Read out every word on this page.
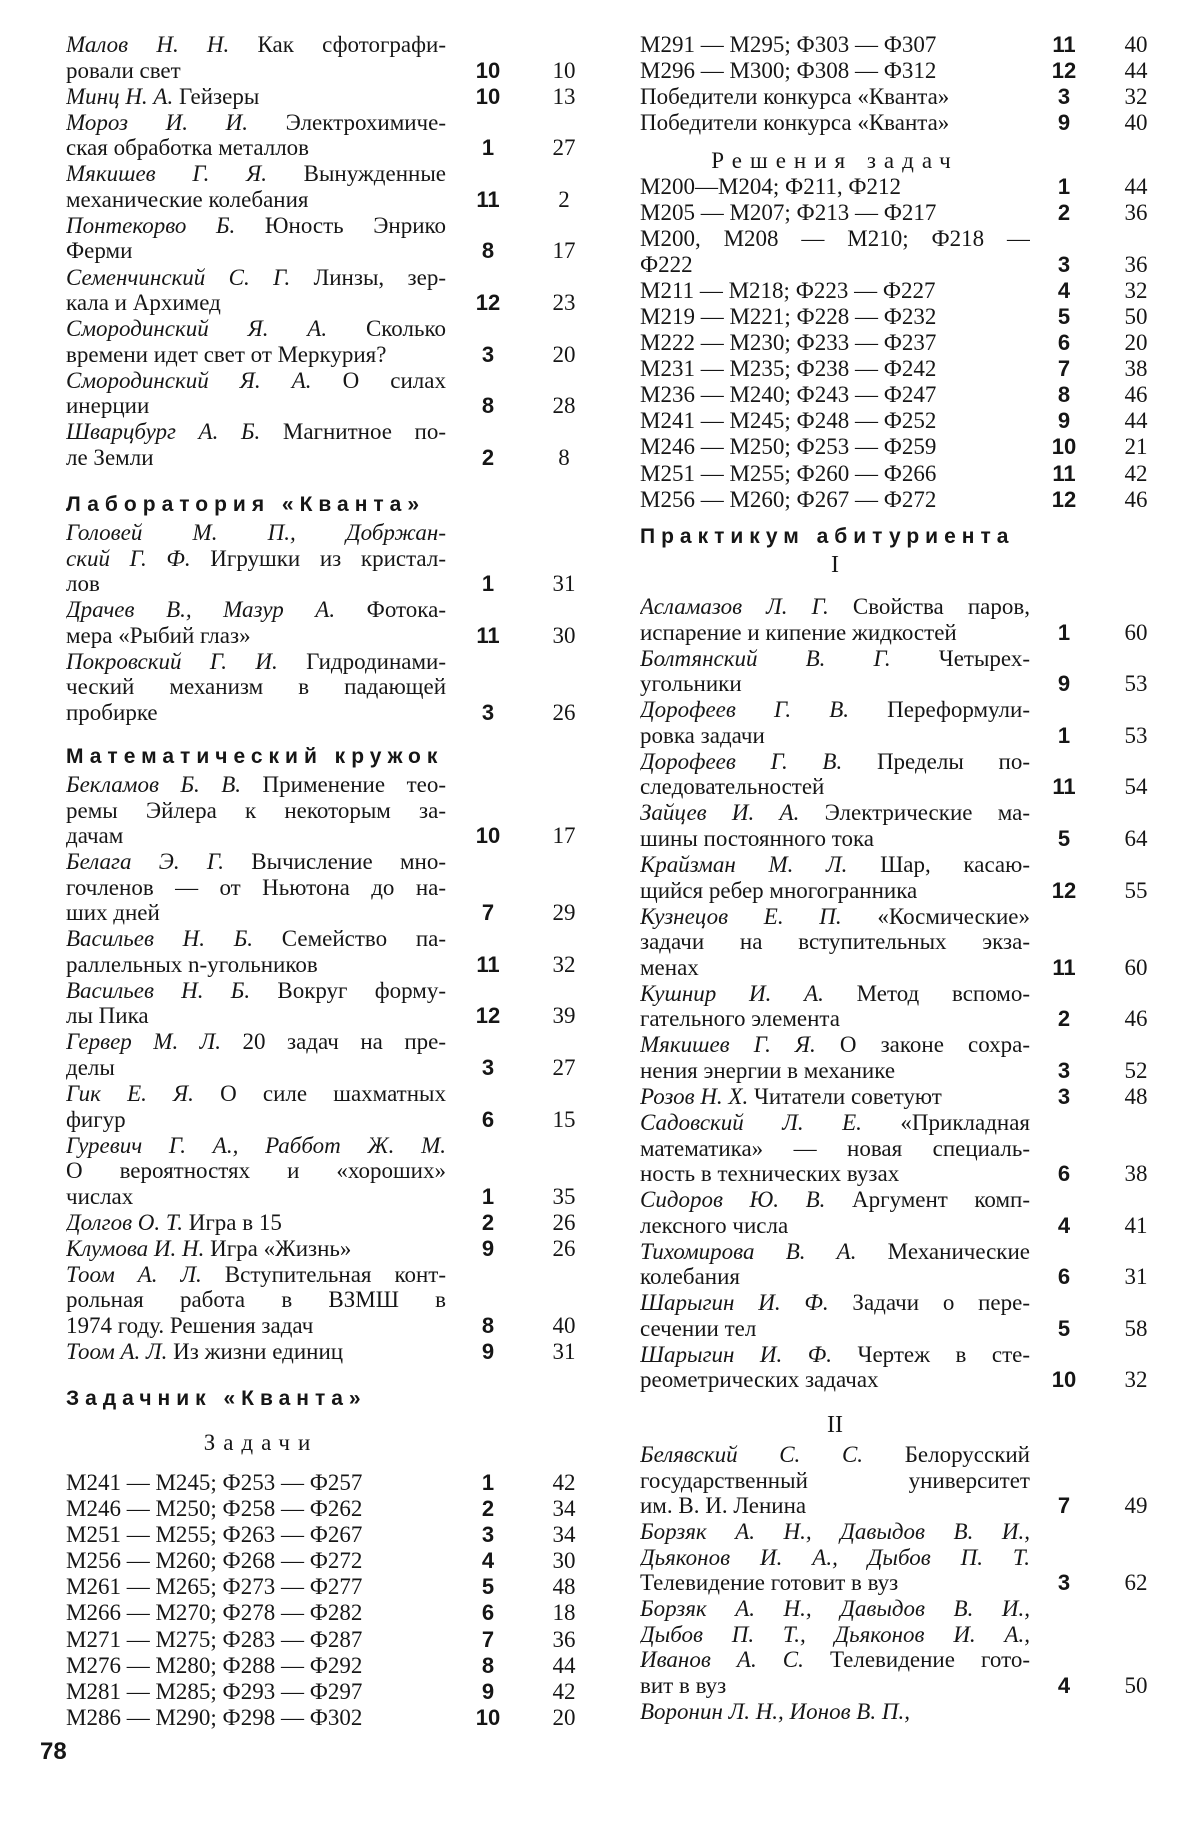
Малов Н. Н. Как сфотографи-
ровали свет	10	10
Минц Н. А. Гейзеры	10	13
Мороз И. И. Электрохимиче-
ская обработка металлов	1	27
Мякишев Г. Я. Вынужденные
механические колебания	11	2
Понтекорво Б. Юность Энрико
Ферми	8	17
Семенчинский С. Г. Линзы, зер-
кала и Архимед	12	23
Смородинский Я. А. Сколько
времени идет свет от Меркурия?	3	20
Смородинский Я. А. О силах
инерции	8	28
Шварцбург А. Б. Магнитное по-
ле Земли	2	8
Лаборатория «Кванта»
Головей М. П., Добржан-
ский Г. Ф. Игрушки из кристал-
лов	1	31
Драчев В., Мазур А. Фотока-
мера «Рыбий глаз»	11	30
Покровский Г. И. Гидродинами-
ческий механизм в падающей
пробирке	3	26
Математический кружок
Бекламов Б. В. Применение тео-
ремы Эйлера к некоторым за-
дачам	10	17
Белага Э. Г. Вычисление мно-
гочленов — от Ньютона до на-
ших дней	7	29
Васильев Н. Б. Семейство па-
раллельных n-угольников	11	32
Васильев Н. Б. Вокруг форму-
лы Пика	12	39
Гервер М. Л. 20 задач на пре-
делы	3	27
Гик Е. Я. О силе шахматных
фигур	6	15
Гуревич Г. А., Раббот Ж. М.
О вероятностях и «хороших»
числах	1	35
Долгов О. Т. Игра в 15	2	26
Клумова И. Н. Игра «Жизнь»	9	26
Тоом А. Л. Вступительная конт-
рольная работа в ВЗМШ в
1974 году. Решения задач	8	40
Тоом А. Л. Из жизни единиц	9	31
Задачник «Кванта»
Задачи
М241 — М245; Ф253 — Ф257	1	42
М246 — М250; Ф258 — Ф262	2	34
М251 — М255; Ф263 — Ф267	3	34
М256 — М260; Ф268 — Ф272	4	30
М261 — М265; Ф273 — Ф277	5	48
М266 — М270; Ф278 — Ф282	6	18
М271 — М275; Ф283 — Ф287	7	36
М276 — М280; Ф288 — Ф292	8	44
М281 — М285; Ф293 — Ф297	9	42
М286 — М290; Ф298 — Ф302	10	20
М291 — М295; Ф303 — Ф307	11	40
М296 — М300; Ф308 — Ф312	12	44
Победители конкурса «Кванта»	3	32
Победители конкурса «Кванта»	9	40
Решения задач
М200—М204; Ф211, Ф212	1	44
М205 — М207; Ф213 — Ф217	2	36
М200, М208 — М210; Ф218 —
Ф222	3	36
М211 — М218; Ф223 — Ф227	4	32
М219 — М221; Ф228 — Ф232	5	50
М222 — М230; Ф233 — Ф237	6	20
М231 — М235; Ф238 — Ф242	7	38
М236 — М240; Ф243 — Ф247	8	46
М241 — М245; Ф248 — Ф252	9	44
М246 — М250; Ф253 — Ф259	10	21
М251 — М255; Ф260 — Ф266	11	42
М256 — М260; Ф267 — Ф272	12	46
Практикум абитуриента
I
Асламазов Л. Г. Свойства паров,
испарение и кипение жидкостей	1	60
Болтянский В. Г. Четырех-
угольники	9	53
Дорофеев Г. В. Переформули-
ровка задачи	1	53
Дорофеев Г. В. Пределы по-
следовательностей	11	54
Зайцев И. А. Электрические ма-
шины постоянного тока	5	64
Крайзман М. Л. Шар, касаю-
щийся ребер многогранника	12	55
Кузнецов Е. П. «Космические»
задачи на вступительных экза-
менах	11	60
Кушнир И. А. Метод вспомо-
гательного элемента	2	46
Мякишев Г. Я. О законе сохра-
нения энергии в механике	3	52
Розов Н. Х. Читатели советуют	3	48
Садовский Л. Е. «Прикладная
математика» — новая специаль-
ность в технических вузах	6	38
Сидоров Ю. В. Аргумент комп-
лексного числа	4	41
Тихомирова В. А. Механические
колебания	6	31
Шарыгин И. Ф. Задачи о пере-
сечении тел	5	58
Шарыгин И. Ф. Чертеж в сте-
реометрических задачах	10	32
II
Белявский С. С. Белорусский
государственный университет
им. В. И. Ленина	7	49
Борзяк А. Н., Давыдов В. И.,
Дьяконов И. А., Дыбов П. Т.
Телевидение готовит в вуз	3	62
Борзяк А. Н., Давыдов В. И.,
Дыбов П. Т., Дьяконов И. А.,
Иванов А. С. Телевидение гото-
вит в вуз	4	50
Воронин Л. Н., Ионов В. П.,
78
